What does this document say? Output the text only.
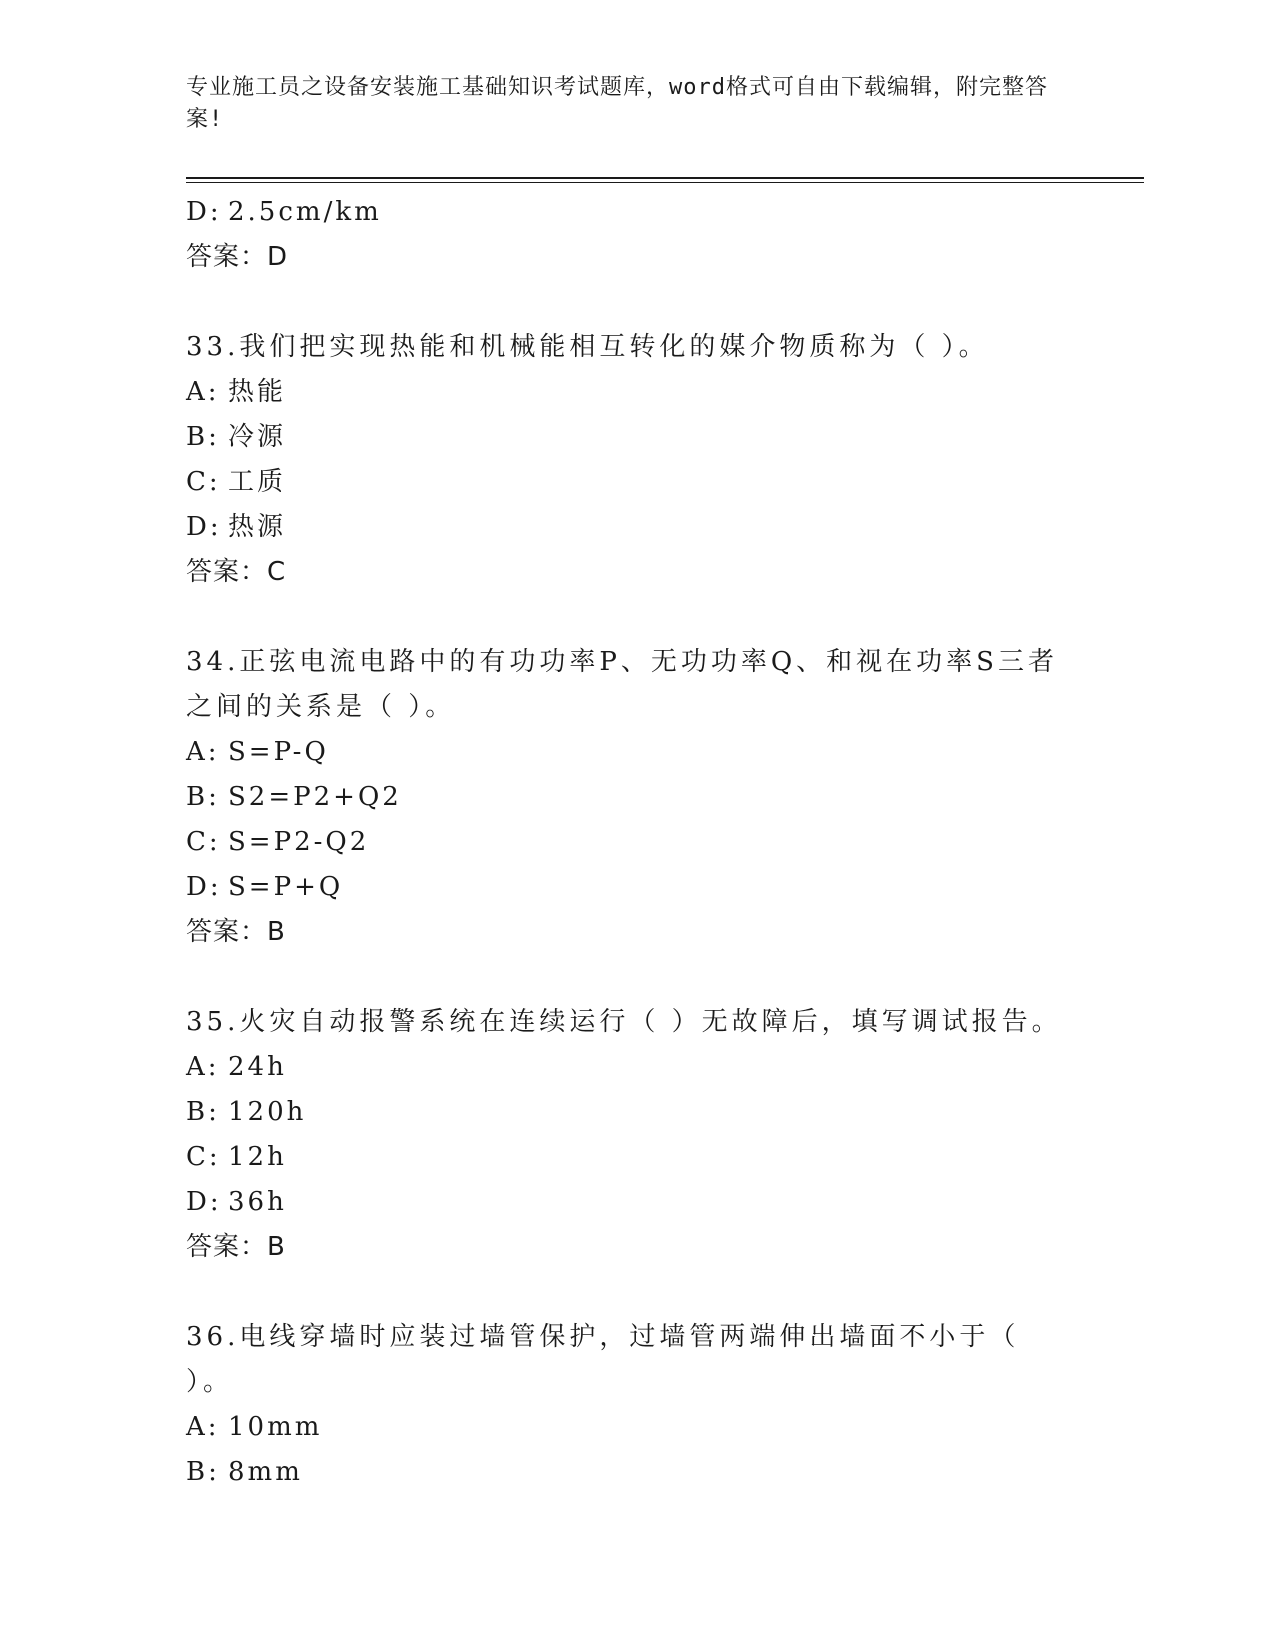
专业施工员之设备安装施工基础知识考试题库，word格式可自由下载编辑，附完整答案!
D: 2.5cm/km
答案：D
33.我们把实现热能和机械能相互转化的媒介物质称为（ ）。
A: 热能
B: 冷源
C: 工质
D: 热源
答案：C
34.正弦电流电路中的有功功率P、无功功率Q、和视在功率S三者之间的关系是（ ）。
A: S=P-Q
B: S2=P2+Q2
C: S=P2-Q2
D: S=P+Q
答案：B
35.火灾自动报警系统在连续运行（ ）无故障后，填写调试报告。
A: 24h
B: 120h
C: 12h
D: 36h
答案：B
36.电线穿墙时应装过墙管保护，过墙管两端伸出墙面不小于（ ）。
A: 10mm
B: 8mm
